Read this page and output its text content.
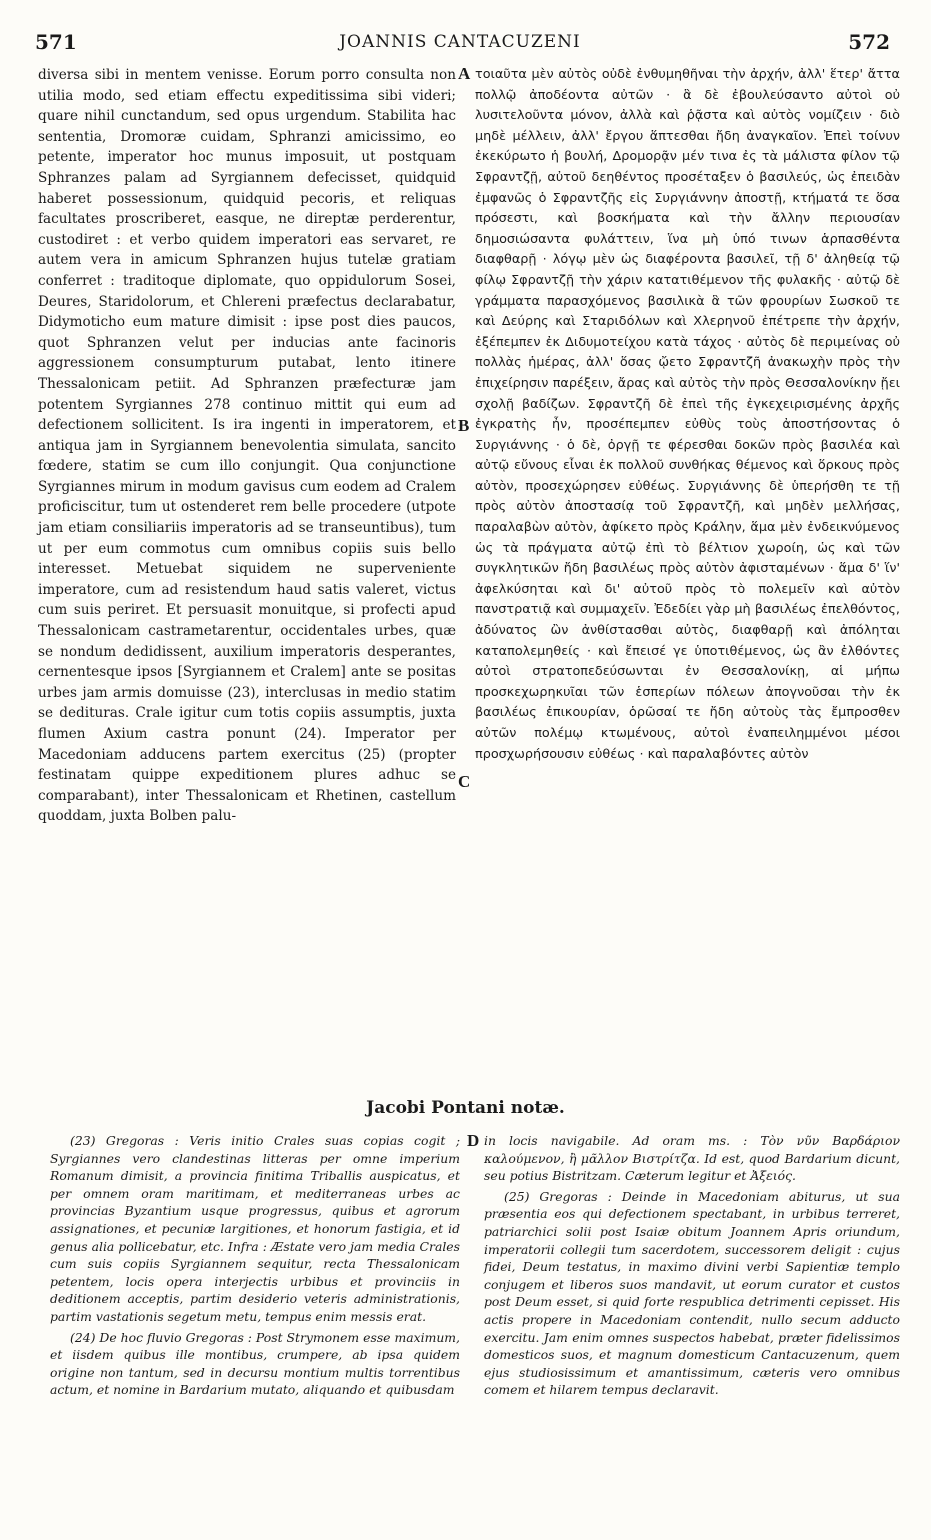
571	JOANNIS CANTACUZENI	572
diversa sibi in mentem venisse. Eorum porro consulta non utilia modo, sed etiam effectu expeditissima sibi videri; quare nihil cunctandum, sed opus urgendum. Stabilita hac sententia, Dromoræ cuidam, Sphranzi amicissimo, eo petente, imperator hoc munus imposuit, ut postquam Sphranzes palam ad Syrgiannem defecisset, quidquid haberet possessionum, quidquid pecoris, et reliquas facultates proscriberet, easque, ne direptæ perderentur, custodiret : et verbo quidem imperatori eas servaret, re autem vera in amicum Sphranzen hujus tutelæ gratiam conferret : traditoque diplomate, quo oppidulorum Sosei, Deures, Staridolorum, et Chlereni præfectus declarabatur, Didymoticho eum mature dimisit : ipse post dies paucos, quot Sphranzen velut per inducias ante facinoris aggressionem consumpturum putabat, lento itinere Thessalonicam petiit. Ad Sphranzen præfecturæ jam potentem Syrgiannes 278 continuo mittit qui eum ad defectionem sollicitent. Is ira ingenti in imperatorem, et antiqua jam in Syrgiannem benevolentia simulata, sancito fœdere, statim se cum illo conjungit. Qua conjunctione Syrgiannes mirum in modum gavisus cum eodem ad Cralem proficiscitur, tum ut ostenderet rem belle procedere (utpote jam etiam consiliariis imperatoris ad se transeuntibus), tum ut per eum commotus cum omnibus copiis suis bello interesset. Metuebat siquidem ne superveniente imperatore, cum ad resistendum haud satis valeret, victus cum suis periret. Et persuasit monuitque, si profecti apud Thessalonicam castrametarentur, occidentales urbes, quæ se nondum dedidissent, auxilium imperatoris desperantes, cernentesque ipsos [Syrgiannem et Cralem] ante se positas urbes jam armis domuisse (23), interclusas in medio statim se dedituras. Crale igitur cum totis copiis assumptis, juxta flumen Axium castra ponunt (24). Imperator per Macedoniam adducens partem exercitus (25) (propter festinatam quippe expeditionem plures adhuc se comparabant), inter Thessalonicam et Rhetinen, castellum quoddam, juxta Bolben palu-
A
B
C
D
τοιαῦτα μὲν αὐτὸς οὐδὲ ἐνθυμηθῆναι τὴν ἀρχήν, ἀλλ' ἕτερ' ἄττα πολλῷ ἀποδέοντα αὐτῶν · ἃ δὲ ἐβουλεύσαντο αὐτοὶ οὐ λυσιτελοῦντα μόνον, ἀλλὰ καὶ ῥᾷστα καὶ αὐτὸς νομίζειν · διὸ μηδὲ μέλλειν, ἀλλ' ἔργου ἅπτεσθαι ἤδη ἀναγκαῖον. Ἐπεὶ τοίνυν ἐκεκύρωτο ἡ βουλή, Δρομορᾷν μέν τινα ἐς τὰ μάλιστα φίλον τῷ Σφραντζῇ, αὐτοῦ δεηθέντος προσέταξεν ὁ βασιλεύς, ὡς ἐπειδὰν ἐμφανῶς ὁ Σφραντζῆς εἰς Συργιάννην ἀποστῇ, κτήματά τε ὅσα πρόσεστι, καὶ βοσκήματα καὶ τὴν ἄλλην περιουσίαν δημοσιώσαντα φυλάττειν, ἵνα μὴ ὑπό τινων ἁρπασθέντα διαφθαρῇ · λόγῳ μὲν ὡς διαφέροντα βασιλεῖ, τῇ δ' ἀληθείᾳ τῷ φίλῳ Σφραντζῇ τὴν χάριν κατατιθέμενον τῆς φυλακῆς · αὐτῷ δὲ γράμματα παρασχόμενος βασιλικὰ ἃ τῶν φρουρίων Σωσκοῦ τε καὶ Δεύρης καὶ Σταριδόλων καὶ Χλερηνοῦ ἐπέτρεπε τὴν ἀρχήν, ἐξέπεμπεν ἐκ Διδυμοτείχου κατὰ τάχος · αὐτὸς δὲ περιμείνας οὐ πολλὰς ἡμέρας, ἀλλ' ὅσας ᾤετο Σφραντζῆ ἀνακωχὴν πρὸς τὴν ἐπιχείρησιν παρέξειν, ἄρας καὶ αὐτὸς τὴν πρὸς Θεσσαλονίκην ᾔει σχολῇ βαδίζων. Σφραντζῆ δὲ ἐπεὶ τῆς ἐγκεχειρισμένης ἀρχῆς ἐγκρατὴς ἦν, προσέπεμπεν εὐθὺς τοὺς ἀποστήσοντας ὁ Συργιάννης · ὁ δὲ, ὀργῇ τε φέρεσθαι δοκῶν πρὸς βασιλέα καὶ αὐτῷ εὔνους εἶναι ἐκ πολλοῦ συνθήκας θέμενος καὶ ὅρκους πρὸς αὐτὸν, προσεχώρησεν εὐθέως. Συργιάννης δὲ ὑπερήσθη τε τῇ πρὸς αὐτὸν ἀποστασίᾳ τοῦ Σφραντζῆ, καὶ μηδὲν μελλήσας, παραλαβὼν αὐτὸν, ἀφίκετο πρὸς Κράλην, ἅμα μὲν ἐνδεικνύμενος ὡς τὰ πράγματα αὐτῷ ἐπὶ τὸ βέλτιον χωροίη, ὡς καὶ τῶν συγκλητικῶν ἤδη βασιλέως πρὸς αὐτὸν ἀφισταμένων · ἅμα δ' ἵν' ἀφελκύσηται καὶ δι' αὐτοῦ πρὸς τὸ πολεμεῖν καὶ αὐτὸν πανστρατιᾷ καὶ συμμαχεῖν. Ἐδεδίει γὰρ μὴ βασιλέως ἐπελθόντος, ἀδύνατος ὢν ἀνθίστασθαι αὐτὸς, διαφθαρῇ καὶ ἀπόληται καταπολεμηθείς · καὶ ἔπεισέ γε ὑποτιθέμενος, ὡς ἂν ἐλθόντες αὐτοὶ στρατοπεδεύσωνται ἐν Θεσσαλονίκῃ, αἱ μήπω προσκεχωρηκυῖαι τῶν ἑσπερίων πόλεων ἀπογνοῦσαι τὴν ἐκ βασιλέως ἐπικουρίαν, ὁρῶσαί τε ἤδη αὐτοὺς τὰς ἔμπροσθεν αὐτῶν πολέμῳ κτωμένους, αὐτοὶ ἐναπειλημμένοι μέσοι προσχωρήσουσιν εὐθέως · καὶ παραλαβόντες αὐτὸν
Jacobi Pontani notæ.

(23) Gregoras : Veris initio Crales suas copias cogit ; Syrgiannes vero clandestinas litteras per omne imperium Romanum dimisit, a provincia finitima Triballis auspicatus, et per omnem oram maritimam, et mediterraneas urbes ac provincias Byzantium usque progressus, quibus et agrorum assignationes, et pecuniæ largitiones, et honorum fastigia, et id genus alia pollicebatur, etc. Infra : Æstate vero jam media Crales cum suis copiis Syrgiannem sequitur, recta Thessalonicam petentem, locis opera interjectis urbibus et provinciis in deditionem acceptis, partim desiderio veteris administrationis, partim vastationis segetum metu, tempus enim messis erat.

(24) De hoc fluvio Gregoras : Post Strymonem esse maximum, et iisdem quibus ille montibus, crumpere, ab ipsa quidem origine non tantum, sed in decursu montium multis torrentibus actum, et nomine in Bardarium mutato, aliquando et quibusdam

in locis navigabile. Ad oram ms. : Τὸν νῦν Βαρδάριον καλούμενον, ἢ μᾶλλον Βιστρίτζα. Id est, quod Bardarium dicunt, seu potius Bistritzam. Cæterum legitur et Ἀξειός.

(25) Gregoras : Deinde in Macedoniam abiturus, ut sua præsentia eos qui defectionem spectabant, in urbibus terreret, patriarchici solii post Isaiæ obitum Joannem Apris oriundum, imperatorii collegii tum sacerdotem, successorem deligit : cujus fidei, Deum testatus, in maximo divini verbi Sapientiæ templo conjugem et liberos suos mandavit, ut eorum curator et custos post Deum esset, si quid forte respublica detrimenti cepisset. His actis propere in Macedoniam contendit, nullo secum adducto exercitu. Jam enim omnes suspectos habebat, præter fidelissimos domesticos suos, et magnum domesticum Cantacuzenum, quem ejus studiosissimum et amantissimum, cæteris vero omnibus comem et hilarem tempus declaravit.
